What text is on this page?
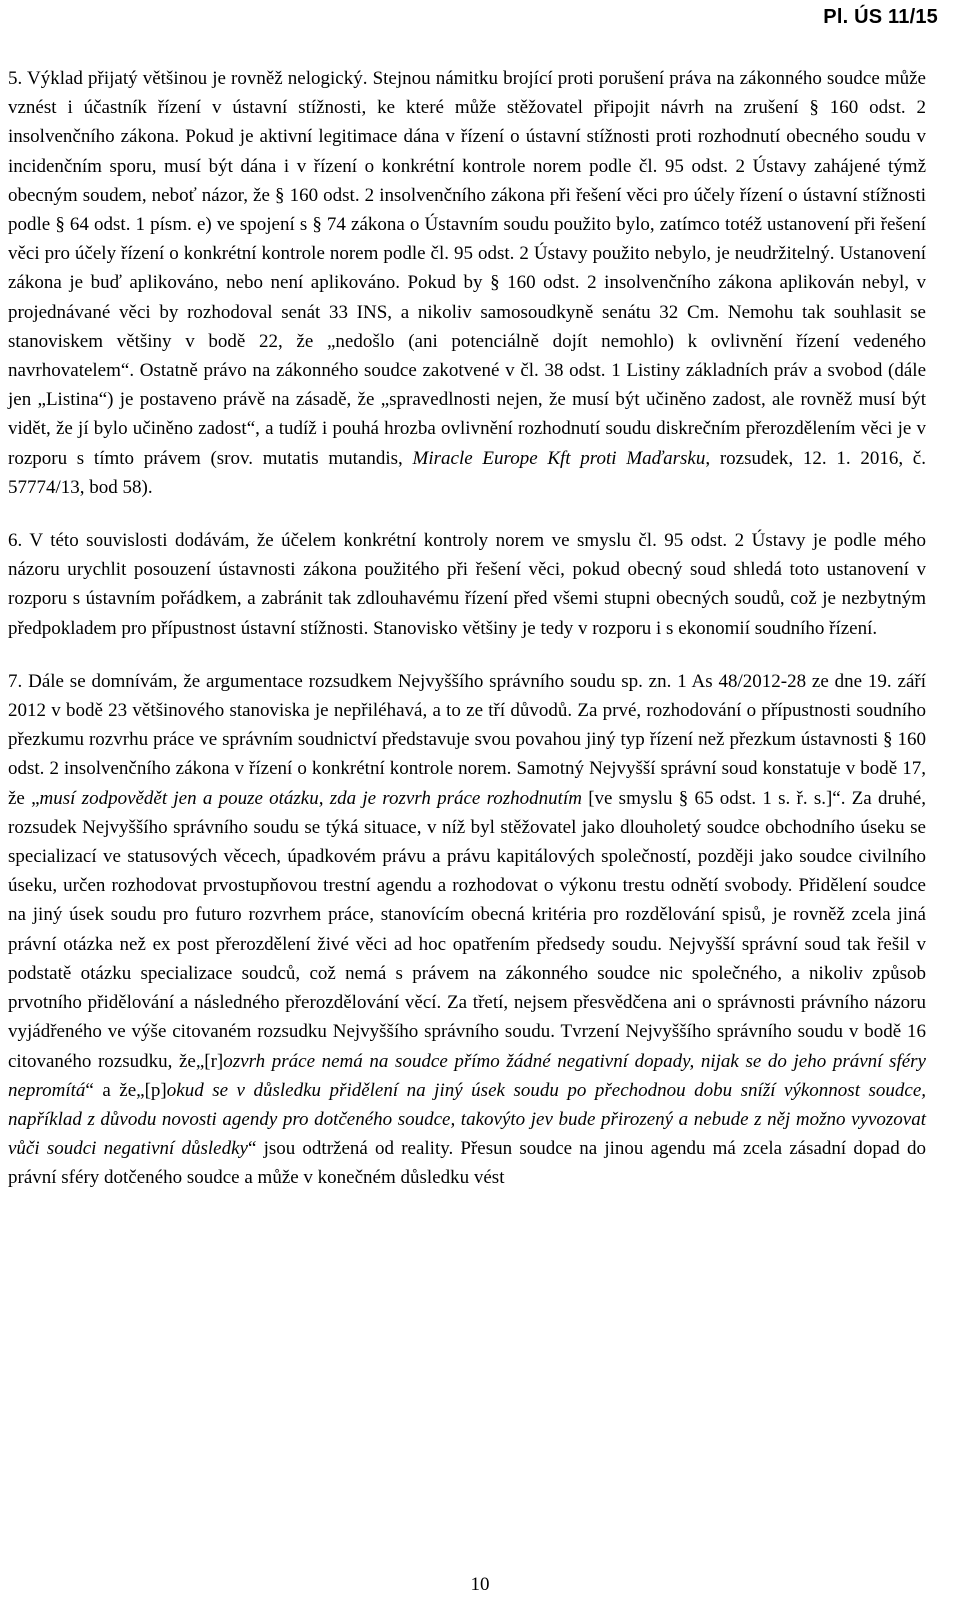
Pl. ÚS 11/15

5. Výklad přijatý většinou je rovněž nelogický. Stejnou námitku brojící proti porušení práva na zákonného soudce může vznést i účastník řízení v ústavní stížnosti, ke které může stěžovatel připojit návrh na zrušení § 160 odst. 2 insolvenčního zákona. Pokud je aktivní legitimace dána v řízení o ústavní stížnosti proti rozhodnutí obecného soudu v incidenčním sporu, musí být dána i v řízení o konkrétní kontrole norem podle čl. 95 odst. 2 Ústavy zahájené týmž obecným soudem, neboť názor, že § 160 odst. 2 insolvenčního zákona při řešení věci pro účely řízení o ústavní stížnosti podle § 64 odst. 1 písm. e) ve spojení s § 74 zákona o Ústavním soudu použito bylo, zatímco totéž ustanovení při řešení věci pro účely řízení o konkrétní kontrole norem podle čl. 95 odst. 2 Ústavy použito nebylo, je neudržitelný. Ustanovení zákona je buď aplikováno, nebo není aplikováno. Pokud by § 160 odst. 2 insolvenčního zákona aplikován nebyl, v projednávané věci by rozhodoval senát 33 INS, a nikoliv samosoudkyně senátu 32 Cm. Nemohu tak souhlasit se stanoviskem většiny v bodě 22, že „nedošlo (ani potenciálně dojít nemohlo) k ovlivnění řízení vedeného navrhovatelem“. Ostatně právo na zákonného soudce zakotvené v čl. 38 odst. 1 Listiny základních práv a svobod (dále jen „Listina“) je postaveno právě na zásadě, že „spravedlnosti nejen, že musí být učiněno zadost, ale rovněž musí být vidět, že jí bylo učiněno zadost“, a tudíž i pouhá hrozba ovlivnění rozhodnutí soudu diskrečním přerozdělením věci je v rozporu s tímto právem (srov. mutatis mutandis, Miracle Europe Kft proti Maďarsku, rozsudek, 12. 1. 2016, č. 57774/13, bod 58).

6. V této souvislosti dodávám, že účelem konkrétní kontroly norem ve smyslu čl. 95 odst. 2 Ústavy je podle mého názoru urychlit posouzení ústavnosti zákona použitého při řešení věci, pokud obecný soud shledá toto ustanovení v rozporu s ústavním pořádkem, a zabránit tak zdlouhavému řízení před všemi stupni obecných soudů, což je nezbytným předpokladem pro přípustnost ústavní stížnosti. Stanovisko většiny je tedy v rozporu i s ekonomií soudního řízení.

7. Dále se domnívám, že argumentace rozsudkem Nejvyššího správního soudu sp. zn. 1 As 48/2012-28 ze dne 19. září 2012 v bodě 23 většinového stanoviska je nepřiléhavá, a to ze tří důvodů. Za prvé, rozhodování o přípustnosti soudního přezkumu rozvrhu práce ve správním soudnictví představuje svou povahou jiný typ řízení než přezkum ústavnosti § 160 odst. 2 insolvenčního zákona v řízení o konkrétní kontrole norem. Samotný Nejvyšší správní soud konstatuje v bodě 17, že „musí zodpovědět jen a pouze otázku, zda je rozvrh práce rozhodnutím [ve smyslu § 65 odst. 1 s. ř. s.]“. Za druhé, rozsudek Nejvyššího správního soudu se týká situace, v níž byl stěžovatel jako dlouholetý soudce obchodního úseku se specializací ve statusových věcech, úpadkovém právu a právu kapitálových společností, později jako soudce civilního úseku, určen rozhodovat prvostupňovou trestní agendu a rozhodovat o výkonu trestu odnětí svobody. Přidělení soudce na jiný úsek soudu pro futuro rozvrhem práce, stanovícím obecná kritéria pro rozdělování spisů, je rovněž zcela jiná právní otázka než ex post přerozdělení živé věci ad hoc opatřením předsedy soudu. Nejvyšší správní soud tak řešil v podstatě otázku specializace soudců, což nemá s právem na zákonného soudce nic společného, a nikoliv způsob prvotního přidělování a následného přerozdělování věcí. Za třetí, nejsem přesvědčena ani o správnosti právního názoru vyjádřeného ve výše citovaném rozsudku Nejvyššího správního soudu. Tvrzení Nejvyššího správního soudu v bodě 16 citovaného rozsudku, že„[r]ozvrh práce nemá na soudce přímo žádné negativní dopady, nijak se do jeho právní sféry nepromítá“ a že„[p]okud se v důsledku přidělení na jiný úsek soudu po přechodnou dobu sníží výkonnost soudce, například z důvodu novosti agendy pro dotčeného soudce, takovýto jev bude přirozený a nebude z něj možno vyvozovat vůči soudci negativní důsledky“ jsou odtržená od reality. Přesun soudce na jinou agendu má zcela zásadní dopad do právní sféry dotčeného soudce a může v konečném důsledku vést

10
